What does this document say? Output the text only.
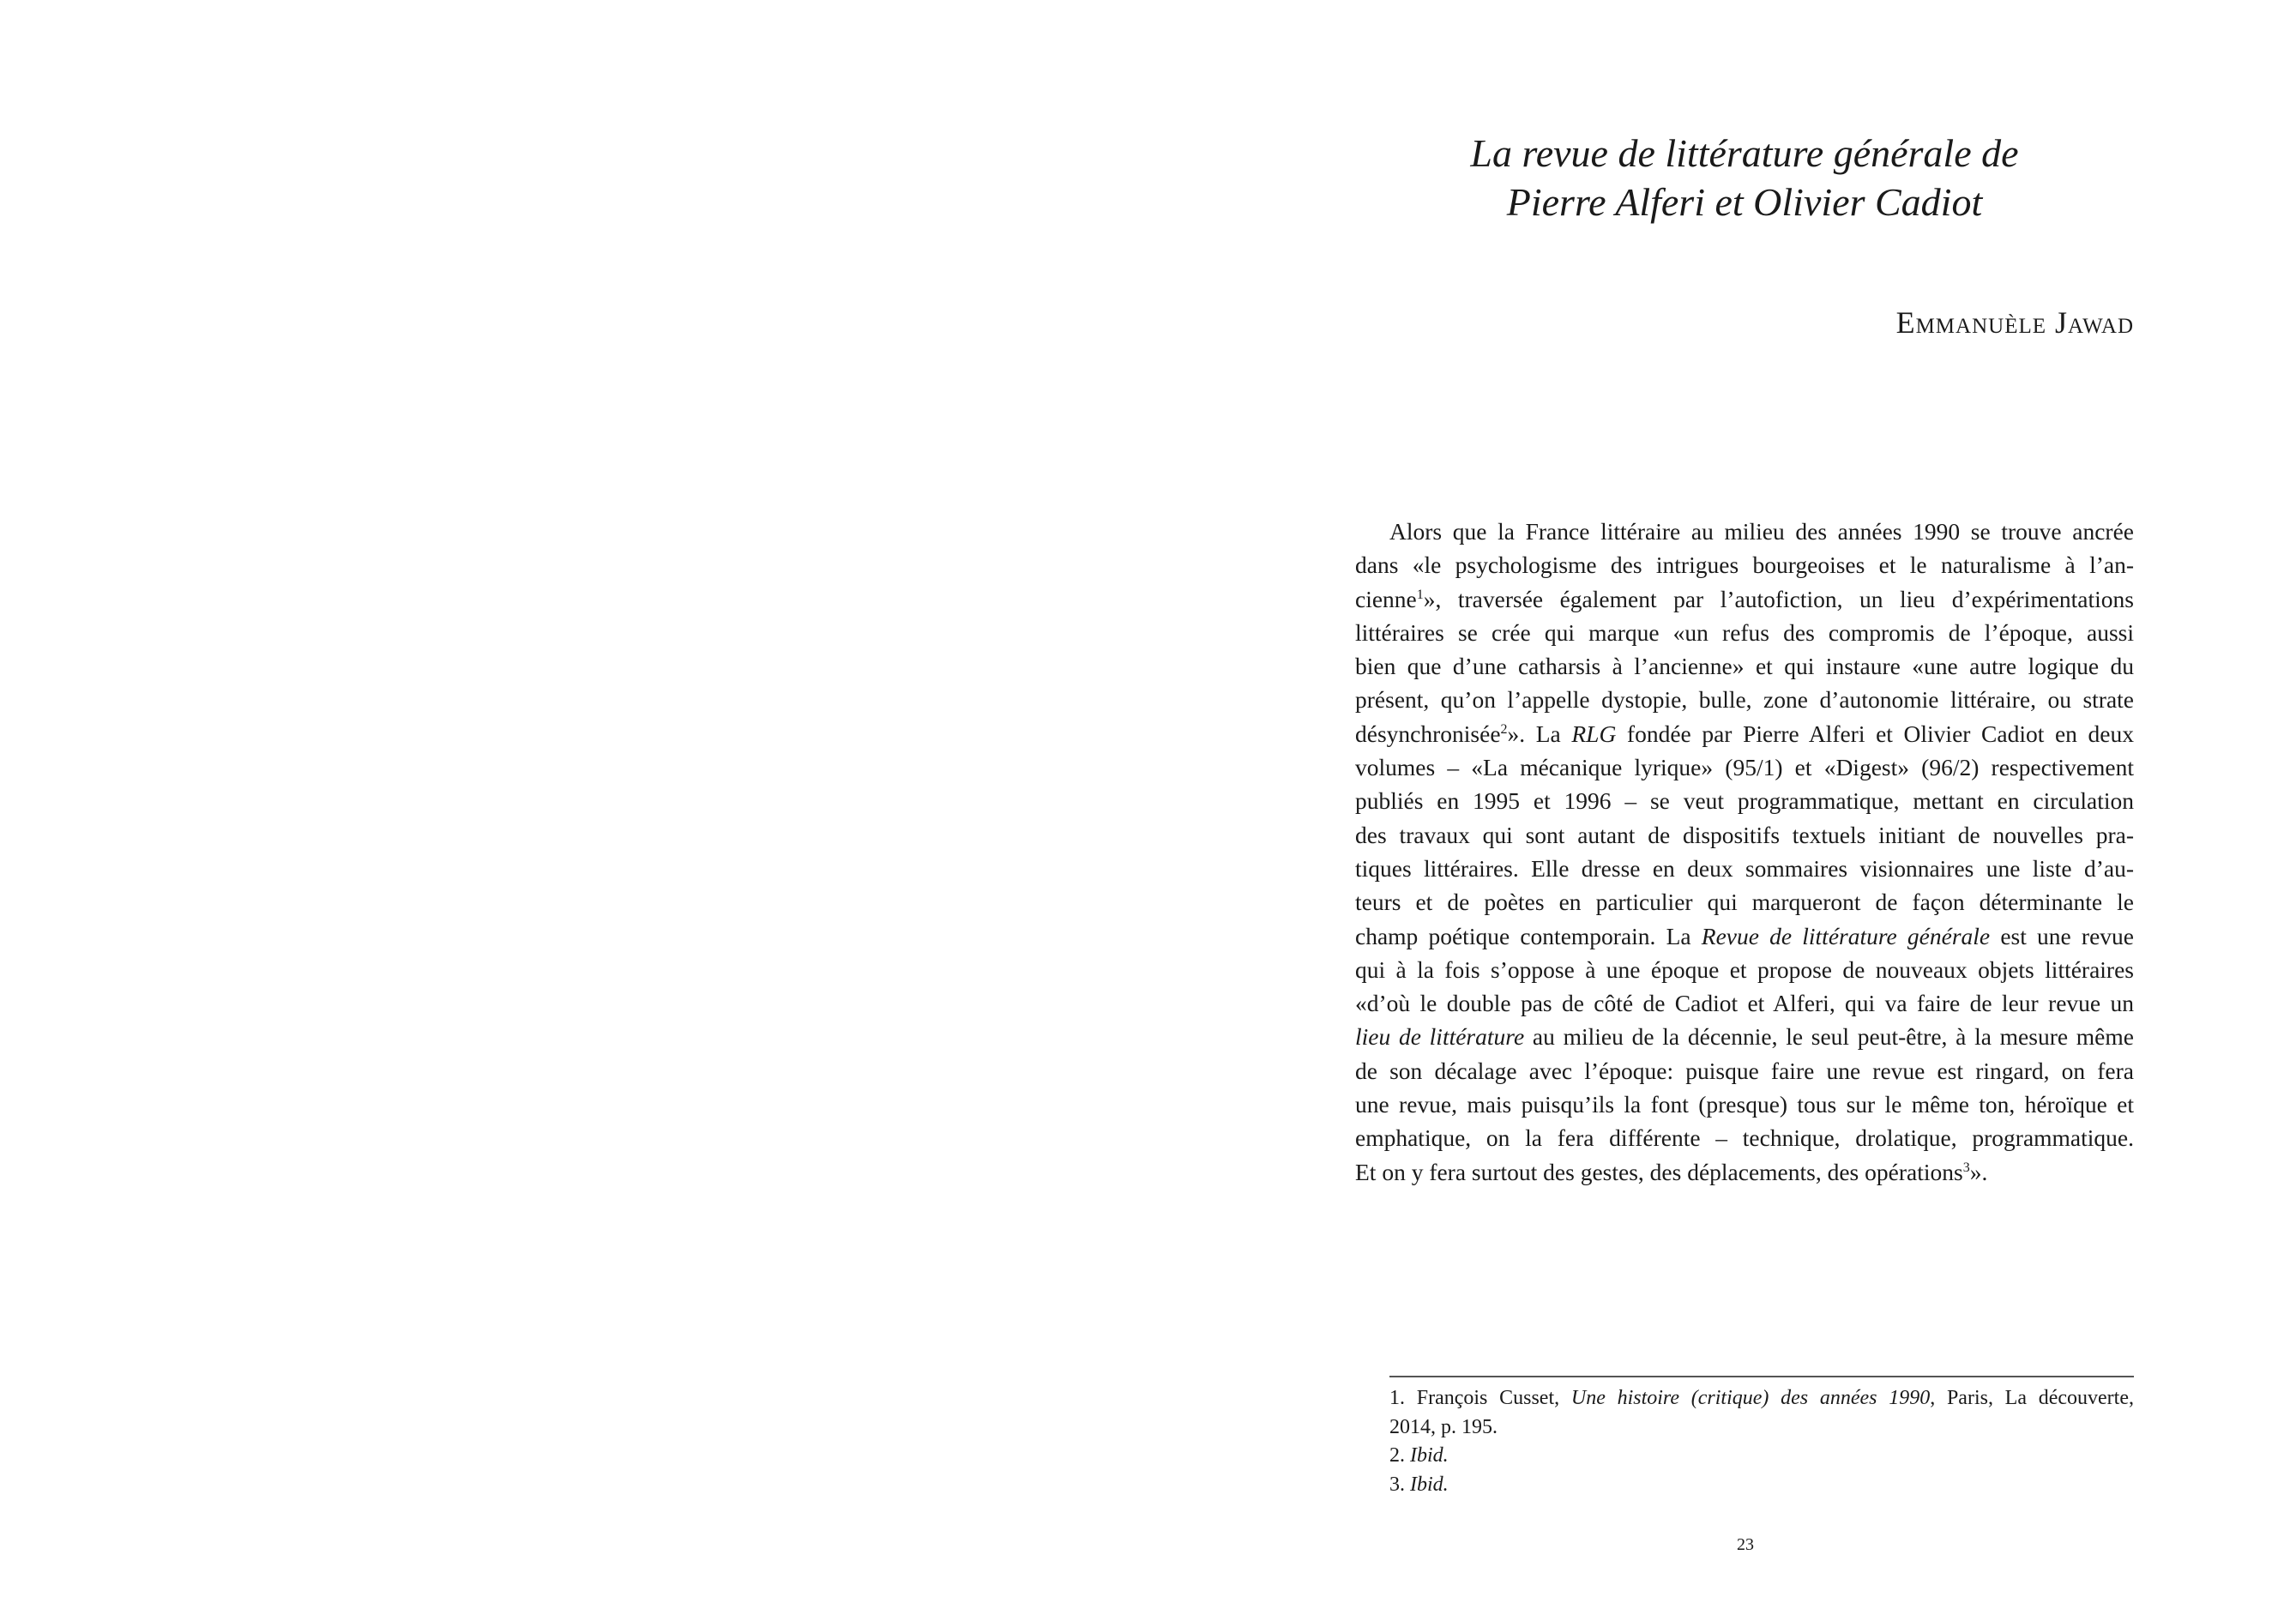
La revue de littérature générale de
Pierre Alferi et Olivier Cadiot
Emmanuèle Jawad
Alors que la France littéraire au milieu des années 1990 se trouve ancrée
dans «le psychologisme des intrigues bourgeoises et le naturalisme à l’an-
cienne$^1$», traversée également par l’autofiction, un lieu d’expérimentations
littéraires se crée qui marque «un refus des compromis de l’époque, aussi
bien que d’une catharsis à l’ancienne» et qui instaure «une autre logique du
présent, qu’on l’appelle dystopie, bulle, zone d’autonomie littéraire, ou strate
désynchronisée$^2$». La RLG fondée par Pierre Alferi et Olivier Cadiot en deux
volumes – «La mécanique lyrique» (95/1) et «Digest» (96/2) respectivement
publiés en 1995 et 1996 – se veut programmatique, mettant en circulation
des travaux qui sont autant de dispositifs textuels initiant de nouvelles pra-
tiques littéraires. Elle dresse en deux sommaires visionnaires une liste d’au-
teurs et de poètes en particulier qui marqueront de façon déterminante le
champ poétique contemporain. La Revue de littérature générale est une revue
qui à la fois s’oppose à une époque et propose de nouveaux objets littéraires
«d’où le double pas de côté de Cadiot et Alferi, qui va faire de leur revue un
lieu de littérature au milieu de la décennie, le seul peut-être, à la mesure même
de son décalage avec l’époque: puisque faire une revue est ringard, on fera
une revue, mais puisqu’ils la font (presque) tous sur le même ton, héroïque et
emphatique, on la fera différente – technique, drolatique, programmatique.
Et on y fera surtout des gestes, des déplacements, des opérations$^3$».
1. François Cusset, Une histoire (critique) des années 1990, Paris, La découverte,
2014, p. 195.
2. Ibid.
3. Ibid.
23
